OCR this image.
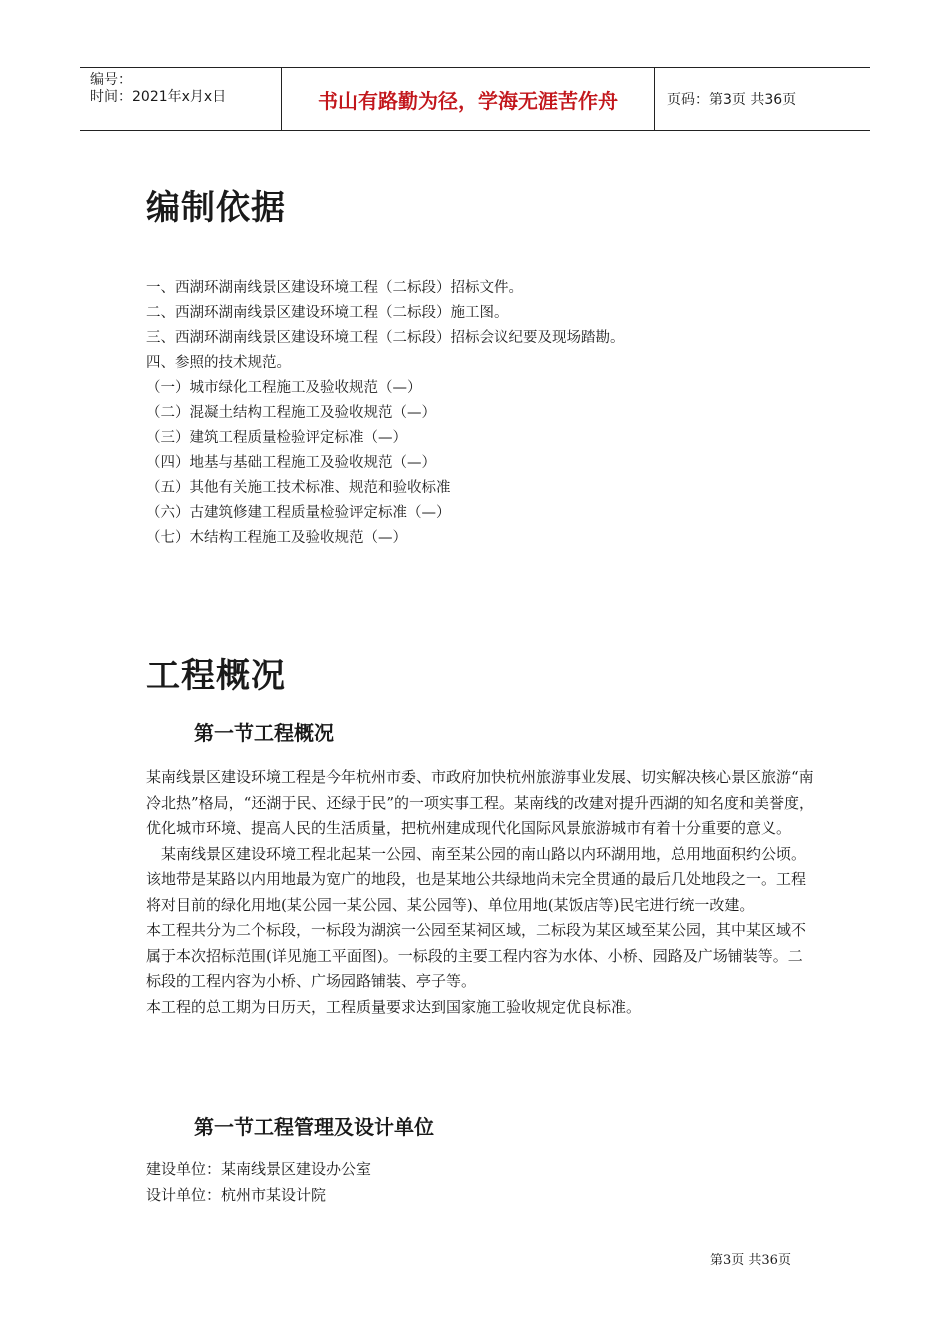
编号：
时间：2021年x月x日	书山有路勤为径，学海无涯苦作舟	页码：第3页 共36页
编制依据
一、西湖环湖南线景区建设环境工程（二标段）招标文件。
二、西湖环湖南线景区建设环境工程（二标段）施工图。
三、西湖环湖南线景区建设环境工程（二标段）招标会议纪要及现场踏勘。
四、参照的技术规范。
（一）城市绿化工程施工及验收规范（—）
（二）混凝土结构工程施工及验收规范（—）
（三）建筑工程质量检验评定标准（—）
（四）地基与基础工程施工及验收规范（—）
（五）其他有关施工技术标准、规范和验收标准
（六）古建筑修建工程质量检验评定标准（—）
（七）木结构工程施工及验收规范（—）
工程概况
第一节工程概况

某南线景区建设环境工程是今年杭州市委、市政府加快杭州旅游事业发展、切实解决核心景区旅游“南冷北热”格局，“还湖于民、还绿于民”的一项实事工程。某南线的改建对提升西湖的知名度和美誉度，优化城市环境、提高人民的生活质量，把杭州建成现代化国际风景旅游城市有着十分重要的意义。

某南线景区建设环境工程北起某一公园、南至某公园的南山路以内环湖用地，总用地面积约公顷。该地带是某路以内用地最为宽广的地段，也是某地公共绿地尚未完全贯通的最后几处地段之一。工程将对目前的绿化用地(某公园一某公园、某公园等)、单位用地(某饭店等)民宅进行统一改建。

本工程共分为二个标段，一标段为湖滨一公园至某祠区域，二标段为某区域至某公园，其中某区域不属于本次招标范围(详见施工平面图)。一标段的主要工程内容为水体、小桥、园路及广场铺装等。二标段的工程内容为小桥、广场园路铺装、亭子等。

本工程的总工期为日历天，工程质量要求达到国家施工验收规定优良标准。

第一节工程管理及设计单位

建设单位：某南线景区建设办公室

设计单位：杭州市某设计院

第3页 共36页
